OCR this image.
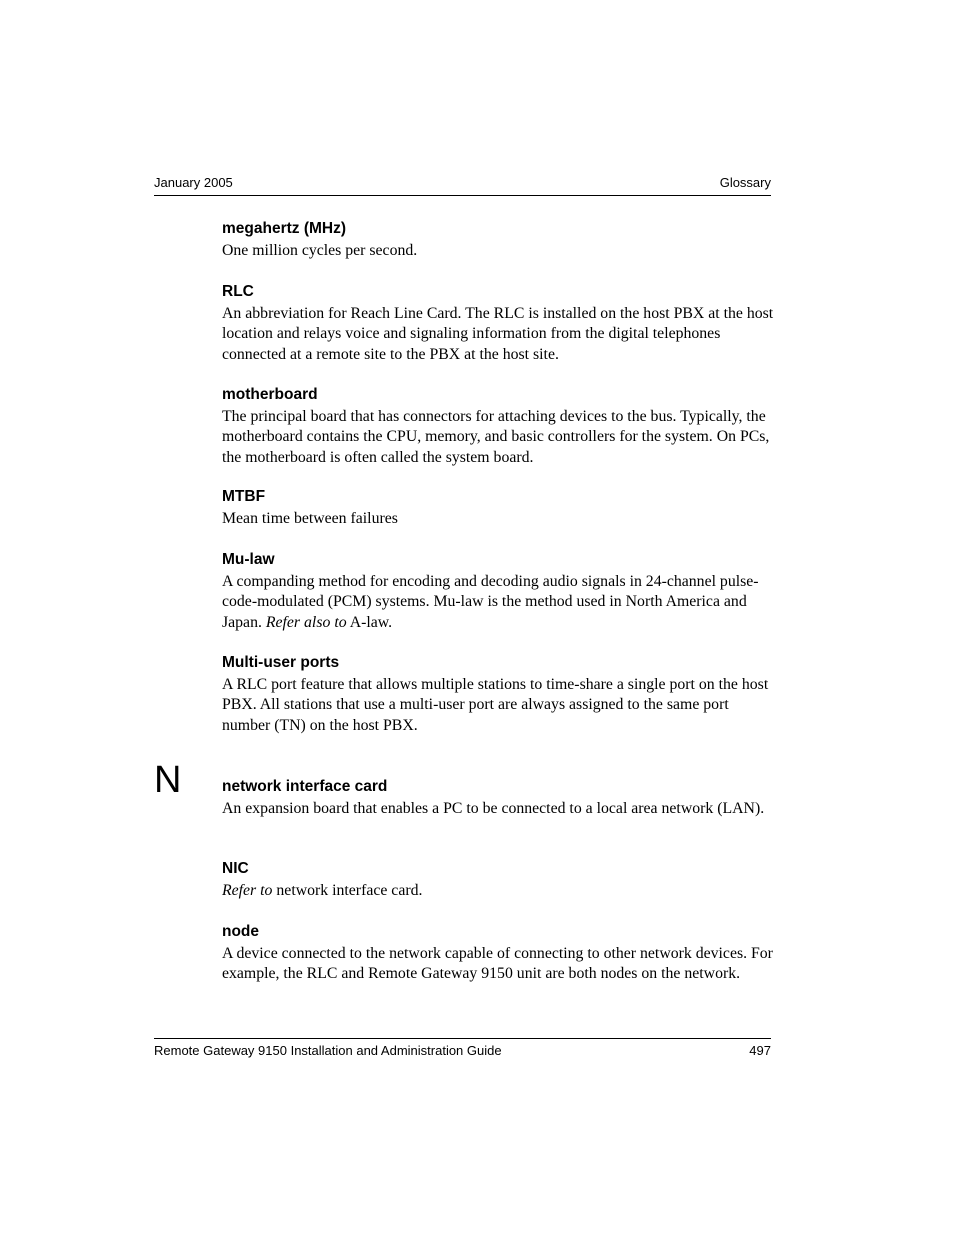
January 2005	Glossary

megahertz (MHz)

One million cycles per second.

RLC

An abbreviation for Reach Line Card. The RLC is installed on the host PBX at the host location and relays voice and signaling information from the digital telephones connected at a remote site to the PBX at the host site.

motherboard

The principal board that has connectors for attaching devices to the bus. Typically, the motherboard contains the CPU, memory, and basic controllers for the system. On PCs, the motherboard is often called the system board.

MTBF

Mean time between failures

Mu-law

A companding method for encoding and decoding audio signals in 24-channel pulse-code-modulated (PCM) systems. Mu-law is the method used in North America and Japan. Refer also to A-law.

Multi-user ports

A RLC port feature that allows multiple stations to time-share a single port on the host PBX. All stations that use a multi-user port are always assigned to the same port number (TN) on the host PBX.

N	network interface card

An expansion board that enables a PC to be connected to a local area network (LAN).

NIC

Refer to network interface card.

node

A device connected to the network capable of connecting to other network devices. For example, the RLC and Remote Gateway 9150 unit are both nodes on the network.

Remote Gateway 9150 Installation and Administration Guide	497
